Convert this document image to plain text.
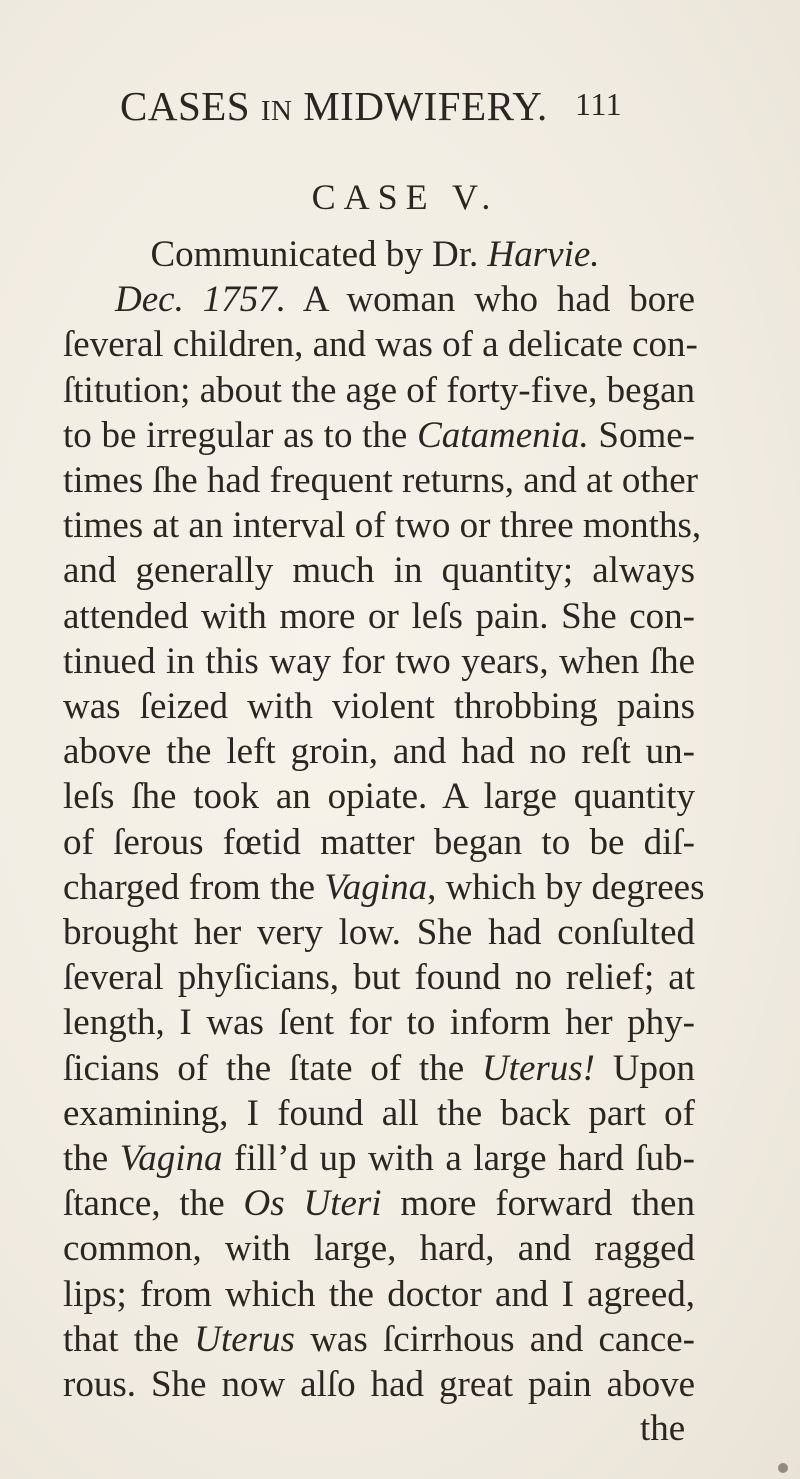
CASES IN MIDWIFERY. 111
CASE V.
Communicated by Dr. Harvie.
Dec. 1757. A woman who had bore
ſeveral children, and was of a delicate con-
ſtitution; about the age of forty-five, began
to be irregular as to the Catamenia. Some-
times ſhe had frequent returns, and at other
times at an interval of two or three months,
and generally much in quantity; always
attended with more or leſs pain. She con-
tinued in this way for two years, when ſhe
was ſeized with violent throbbing pains
above the left groin, and had no reſt un-
leſs ſhe took an opiate. A large quantity
of ſerous fœtid matter began to be diſ-
charged from the Vagina, which by degrees
brought her very low. She had conſulted
ſeveral phyſicians, but found no relief; at
length, I was ſent for to inform her phy-
ſicians of the ſtate of the Uterus! Upon
examining, I found all the back part of
the Vagina fill’d up with a large hard ſub-
ſtance, the Os Uteri more forward then
common, with large, hard, and ragged
lips; from which the doctor and I agreed,
that the Uterus was ſcirrhous and cance-
rous. She now alſo had great pain above
the
